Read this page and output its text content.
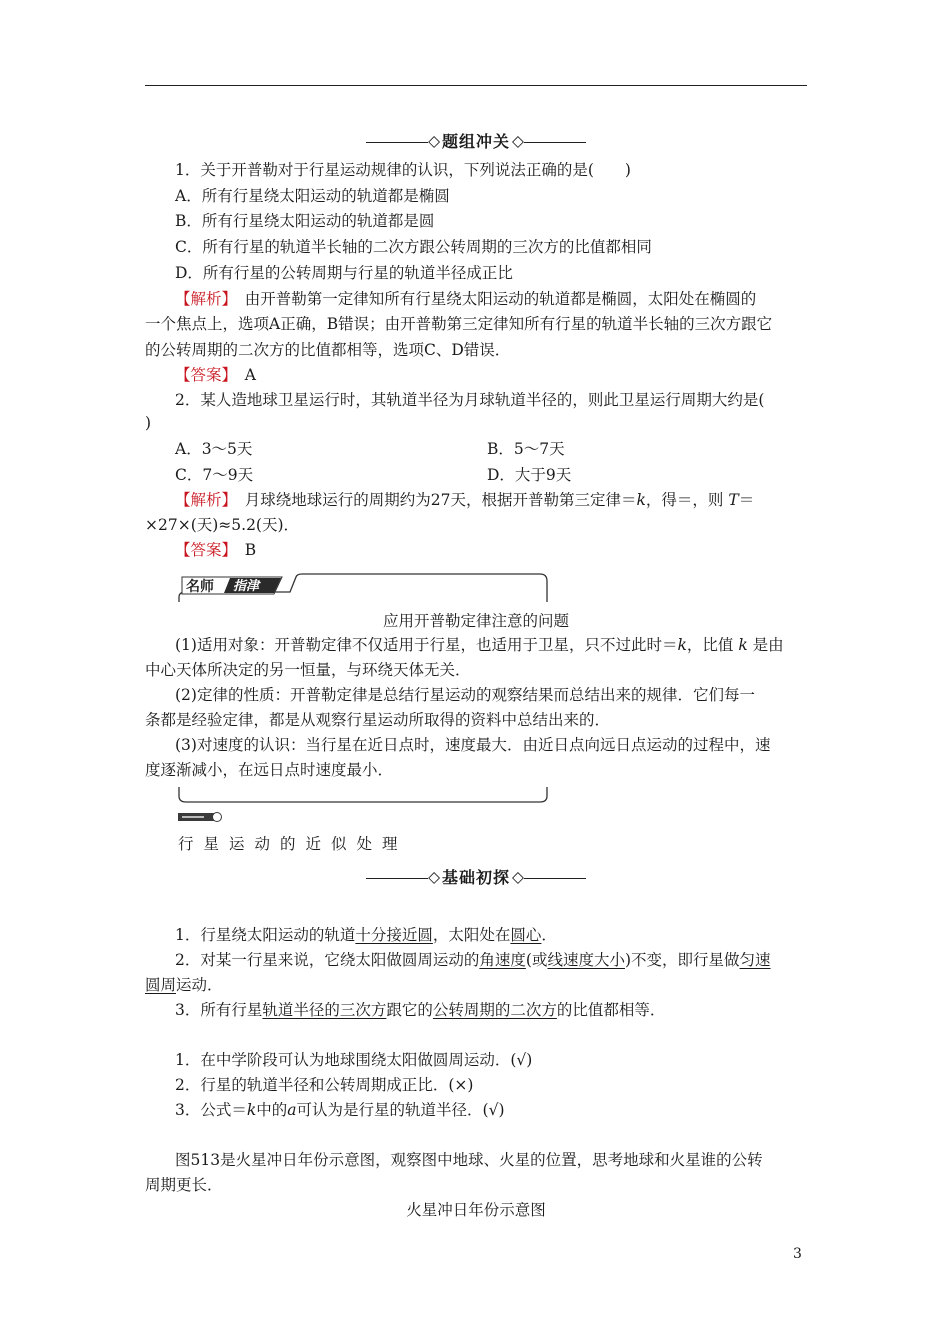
◇ 题组冲关 ◇
1．关于开普勒对于行星运动规律的认识，下列说法正确的是(　　)
A．所有行星绕太阳运动的轨道都是椭圆
B．所有行星绕太阳运动的轨道都是圆
C．所有行星的轨道半长轴的二次方跟公转周期的三次方的比值都相同
D．所有行星的公转周期与行星的轨道半径成正比
【解析】　由开普勒第一定律知所有行星绕太阳运动的轨道都是椭圆，太阳处在椭圆的
一个焦点上，选项A正确，B错误；由开普勒第三定律知所有行星的轨道半长轴的三次方跟它
的公转周期的二次方的比值都相等，选项C、D错误．
【答案】　A
2．某人造地球卫星运行时，其轨道半径为月球轨道半径的，则此卫星运行周期大约是(
)
A．3～5天	B．5～7天
C．7～9天	D．大于9天
【解析】　月球绕地球运行的周期约为27天，根据开普勒第三定律＝k，得＝，则 T＝
×27×(天)≈5.2(天)．
【答案】　B
名师 指津
应用开普勒定律注意的问题
(1)适用对象：开普勒定律不仅适用于行星，也适用于卫星，只不过此时＝k，比值 k 是由
中心天体所决定的另一恒量，与环绕天体无关．
(2)定律的性质：开普勒定律是总结行星运动的观察结果而总结出来的规律．它们每一
条都是经验定律，都是从观察行星运动所取得的资料中总结出来的．
(3)对速度的认识：当行星在近日点时，速度最大．由近日点向远日点运动的过程中，速
度逐渐减小，在远日点时速度最小．
行星运动的近似处理
◇ 基础初探 ◇
1．行星绕太阳运动的轨道十分接近圆，太阳处在圆心．
2．对某一行星来说，它绕太阳做圆周运动的角速度(或线速度大小)不变，即行星做匀速
圆周运动．
3．所有行星轨道半径的三次方跟它的公转周期的二次方的比值都相等．
1．在中学阶段可认为地球围绕太阳做圆周运动．(√)
2．行星的轨道半径和公转周期成正比．(×)
3．公式＝k中的a可认为是行星的轨道半径．(√)
图513是火星冲日年份示意图，观察图中地球、火星的位置，思考地球和火星谁的公转
周期更长．
火星冲日年份示意图
3
